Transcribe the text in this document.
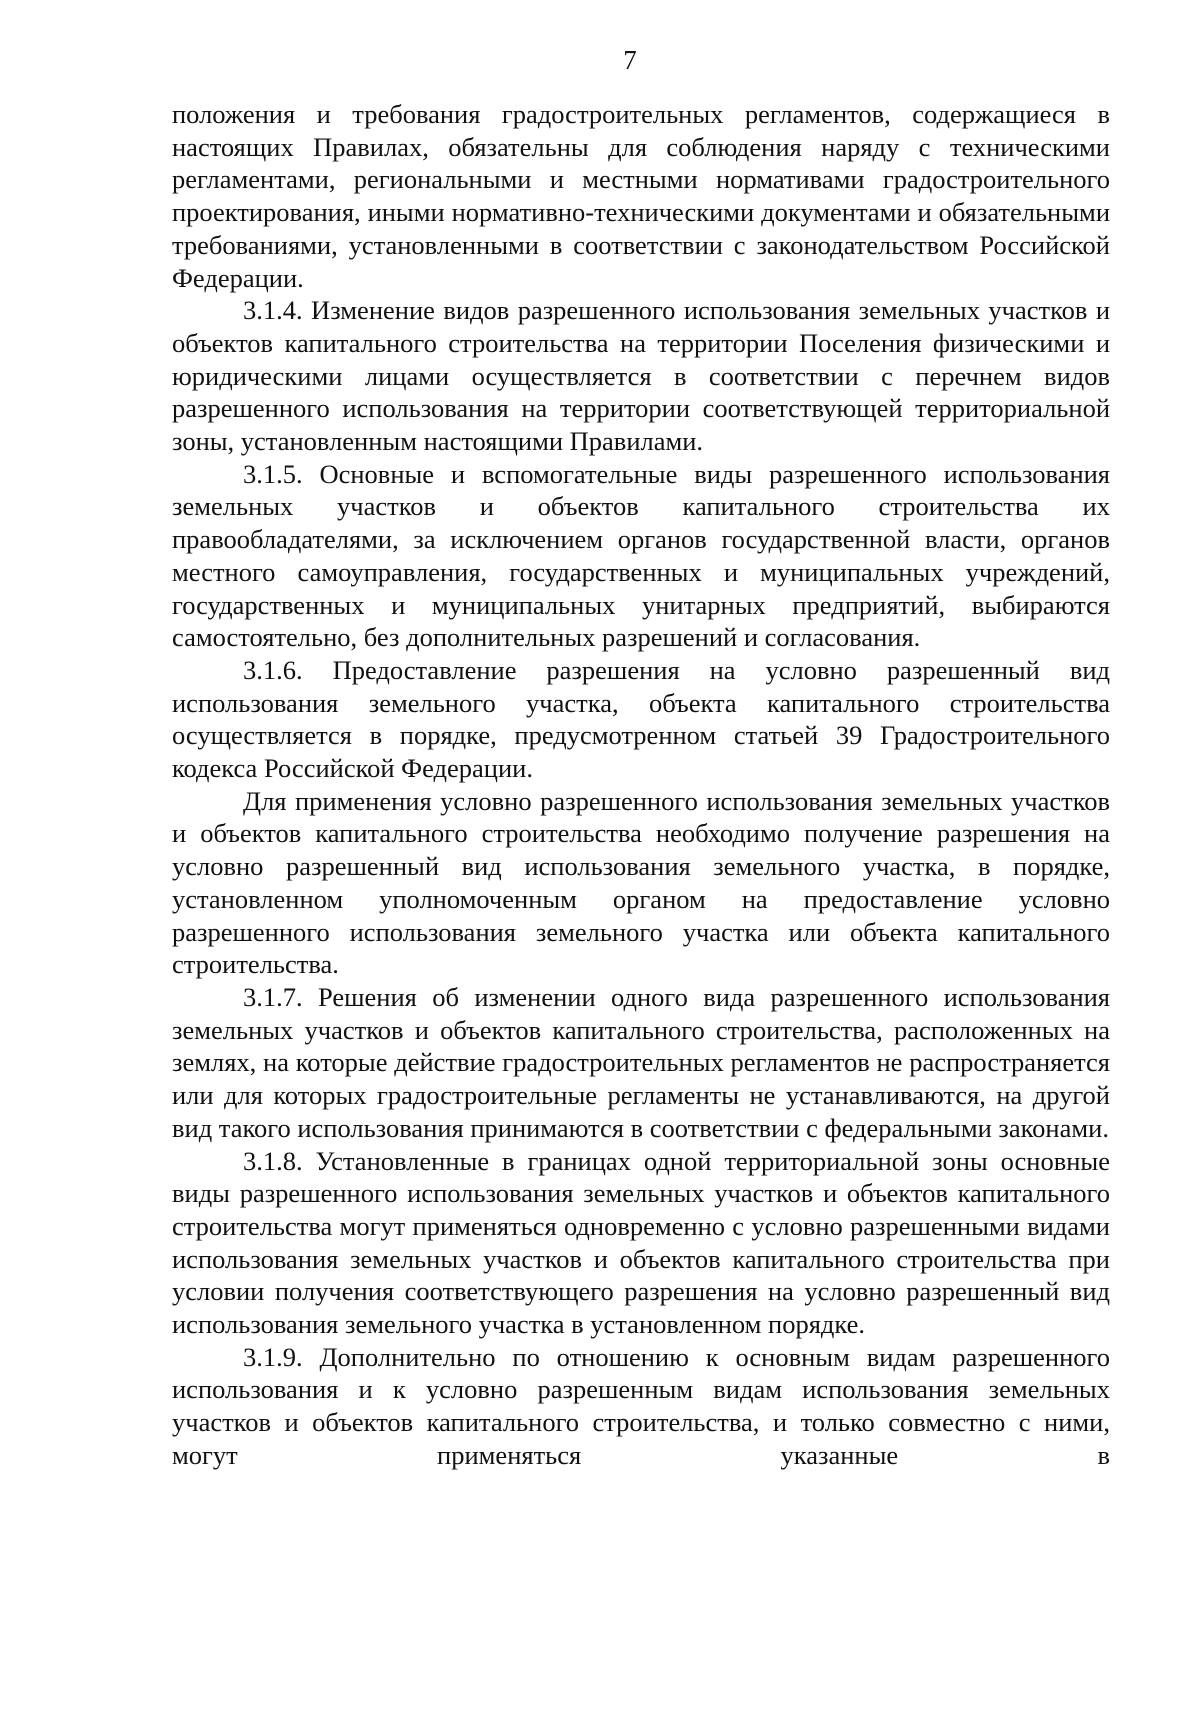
7

положения и требования градостроительных регламентов, содержащиеся в настоящих Правилах, обязательны для соблюдения наряду с техническими регламентами, региональными и местными нормативами градостроительного проектирования, иными нормативно-техническими документами и обязательными требованиями, установленными в соответствии с законодательством Российской Федерации.

3.1.4. Изменение видов разрешенного использования земельных участков и объектов капитального строительства на территории Поселения физическими и юридическими лицами осуществляется в соответствии с перечнем видов разрешенного использования на территории соответствующей территориальной зоны, установленным настоящими Правилами.

3.1.5. Основные и вспомогательные виды разрешенного использования земельных участков и объектов капитального строительства их правообладателями, за исключением органов государственной власти, органов местного самоуправления, государственных и муниципальных учреждений, государственных и муниципальных унитарных предприятий, выбираются самостоятельно, без дополнительных разрешений и согласования.

3.1.6. Предоставление разрешения на условно разрешенный вид использования земельного участка, объекта капитального строительства осуществляется в порядке, предусмотренном статьей 39 Градостроительного кодекса Российской Федерации.

Для применения условно разрешенного использования земельных участков и объектов капитального строительства необходимо получение разрешения на условно разрешенный вид использования земельного участка, в порядке, установленном уполномоченным органом на предоставление условно разрешенного использования земельного участка или объекта капитального строительства.

3.1.7. Решения об изменении одного вида разрешенного использования земельных участков и объектов капитального строительства, расположенных на землях, на которые действие градостроительных регламентов не распространяется или для которых градостроительные регламенты не устанавливаются, на другой вид такого использования принимаются в соответствии с федеральными законами.

3.1.8. Установленные в границах одной территориальной зоны основные виды разрешенного использования земельных участков и объектов капитального строительства могут применяться одновременно с условно разрешенными видами использования земельных участков и объектов капитального строительства при условии получения соответствующего разрешения на условно разрешенный вид использования земельного участка в установленном порядке.

3.1.9. Дополнительно по отношению к основным видам разрешенного использования и к условно разрешенным видам использования земельных участков и объектов капитального строительства, и только совместно с ними, могут применяться указанные в
